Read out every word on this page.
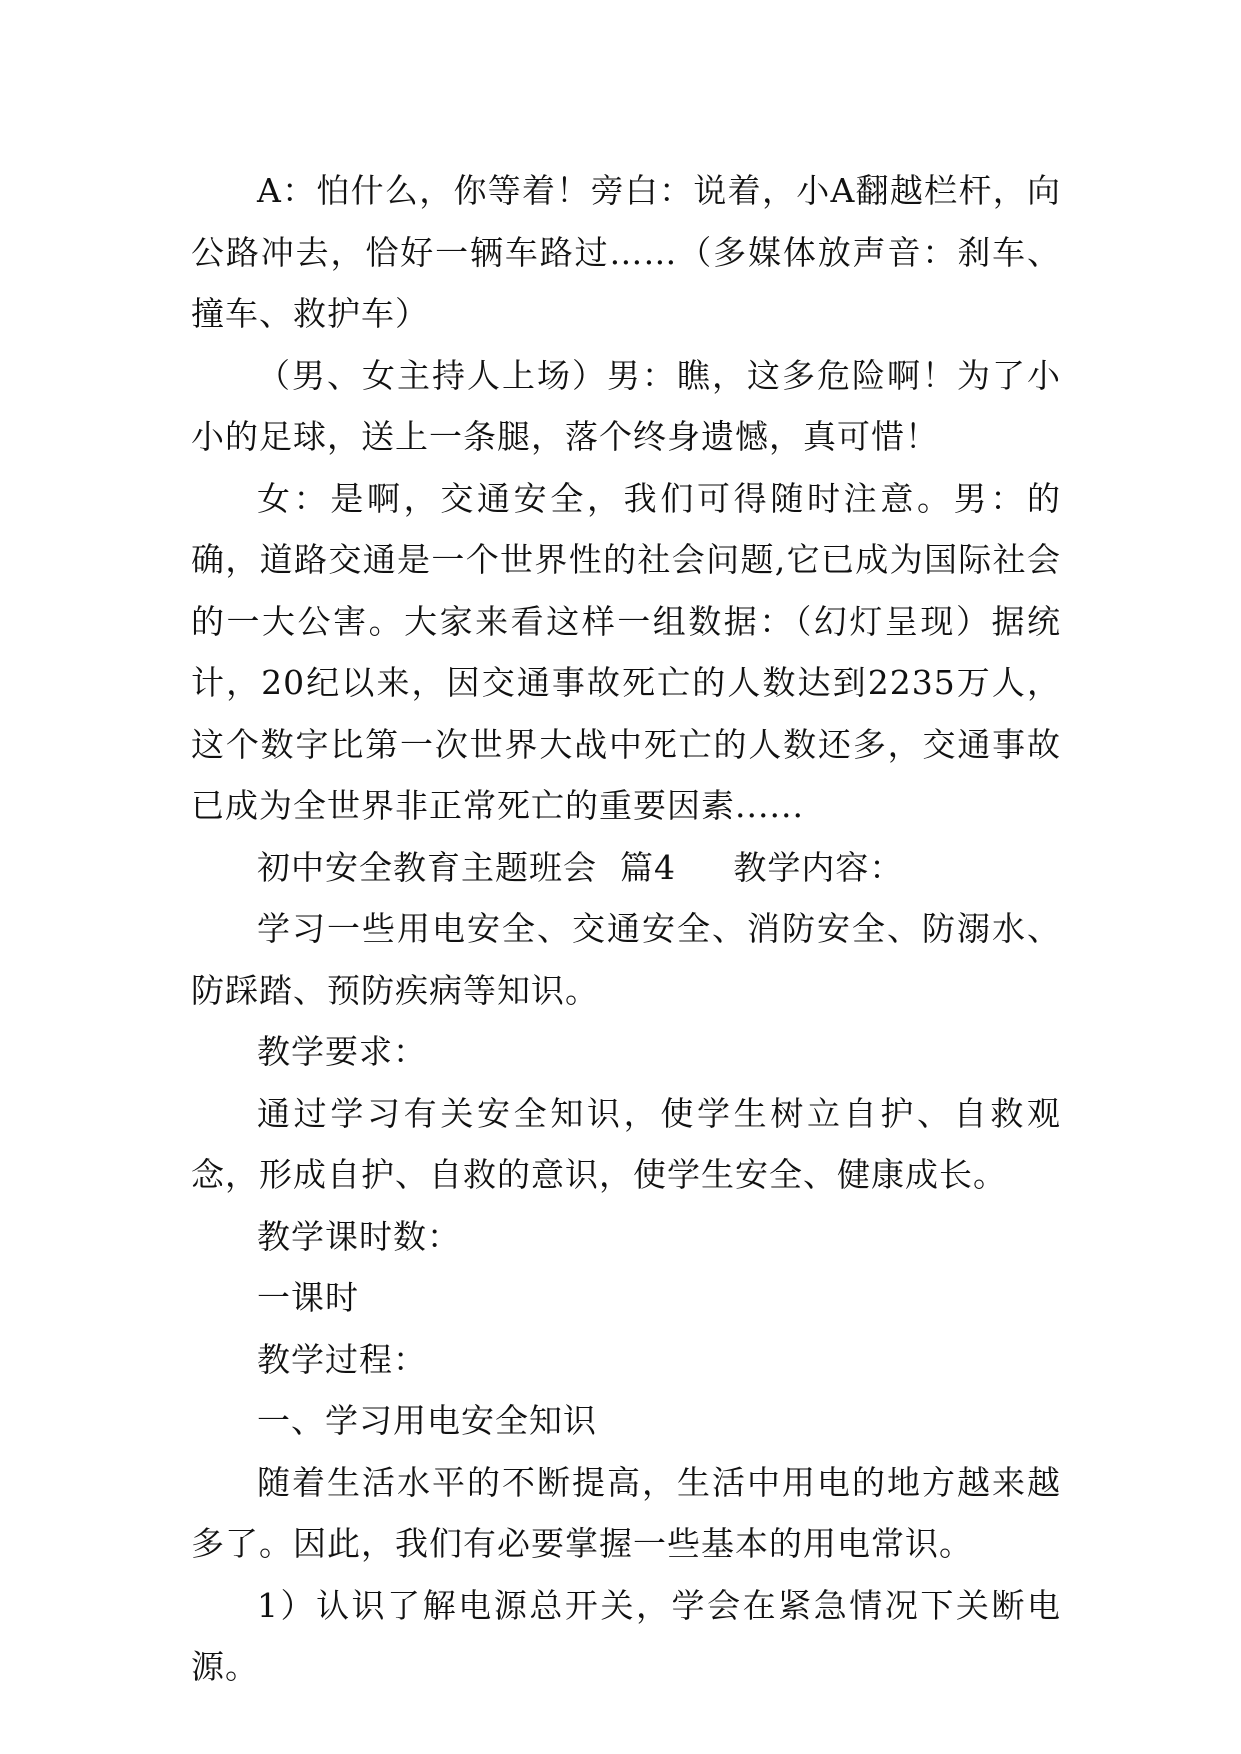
A：怕什么，你等着！旁白：说着，小A翻越栏杆，向公路冲去，恰好一辆车路过……（多媒体放声音：刹车、撞车、救护车）

（男、女主持人上场）男：瞧，这多危险啊！为了小小的足球，送上一条腿，落个终身遗憾，真可惜！

女：是啊，交通安全，我们可得随时注意。男：的确，道路交通是一个世界性的社会问题,它已成为国际社会的一大公害。大家来看这样一组数据：（幻灯呈现）据统计，20纪以来，因交通事故死亡的人数达到2235万人，这个数字比第一次世界大战中死亡的人数还多，交通事故已成为全世界非正常死亡的重要因素......

初中安全教育主题班会  篇4     教学内容：

学习一些用电安全、交通安全、消防安全、防溺水、防踩踏、预防疾病等知识。

教学要求：

通过学习有关安全知识，使学生树立自护、自救观念，形成自护、自救的意识，使学生安全、健康成长。

教学课时数：

一课时

教学过程：

一、学习用电安全知识

随着生活水平的不断提高，生活中用电的地方越来越多了。因此，我们有必要掌握一些基本的用电常识。

1）认识了解电源总开关，学会在紧急情况下关断电源。
